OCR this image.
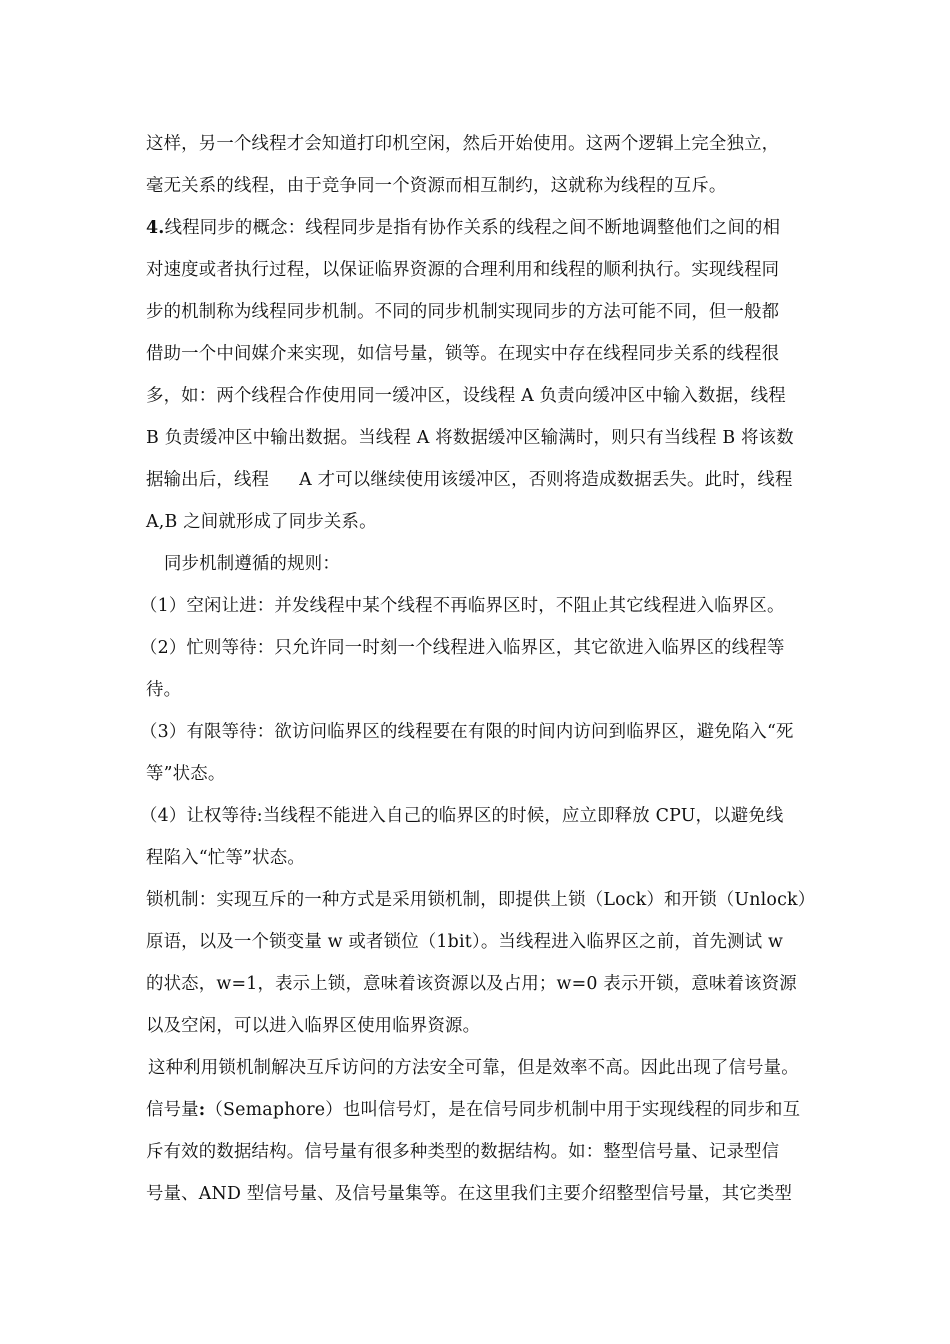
这样，另一个线程才会知道打印机空闲，然后开始使用。这两个逻辑上完全独立，
毫无关系的线程，由于竞争同一个资源而相互制约，这就称为线程的互斥。
4.线程同步的概念：线程同步是指有协作关系的线程之间不断地调整他们之间的相
对速度或者执行过程，以保证临界资源的合理利用和线程的顺利执行。实现线程同
步的机制称为线程同步机制。不同的同步机制实现同步的方法可能不同，但一般都
借助一个中间媒介来实现，如信号量，锁等。在现实中存在线程同步关系的线程很
多，如：两个线程合作使用同一缓冲区，设线程 A 负责向缓冲区中输入数据，线程
B 负责缓冲区中输出数据。当线程 A 将数据缓冲区输满时，则只有当线程 B 将该数
据输出后，线程 A 才可以继续使用该缓冲区，否则将造成数据丢失。此时，线程
A,B 之间就形成了同步关系。
同步机制遵循的规则：
（1）空闲让进：并发线程中某个线程不再临界区时，不阻止其它线程进入临界区。
（2）忙则等待：只允许同一时刻一个线程进入临界区，其它欲进入临界区的线程等
待。
（3）有限等待：欲访问临界区的线程要在有限的时间内访问到临界区，避免陷入“死
等”状态。
（4）让权等待:当线程不能进入自己的临界区的时候，应立即释放 CPU，以避免线
程陷入“忙等”状态。
锁机制：实现互斥的一种方式是采用锁机制，即提供上锁（Lock）和开锁（Unlock）
原语，以及一个锁变量 w 或者锁位（1bit）。当线程进入临界区之前，首先测试 w
的状态，w=1，表示上锁，意味着该资源以及占用；w=0 表示开锁，意味着该资源
以及空闲，可以进入临界区使用临界资源。
这种利用锁机制解决互斥访问的方法安全可靠，但是效率不高。因此出现了信号量。
信号量:（Semaphore）也叫信号灯，是在信号同步机制中用于实现线程的同步和互
斥有效的数据结构。信号量有很多种类型的数据结构。如：整型信号量、记录型信
号量、AND 型信号量、及信号量集等。在这里我们主要介绍整型信号量，其它类型
